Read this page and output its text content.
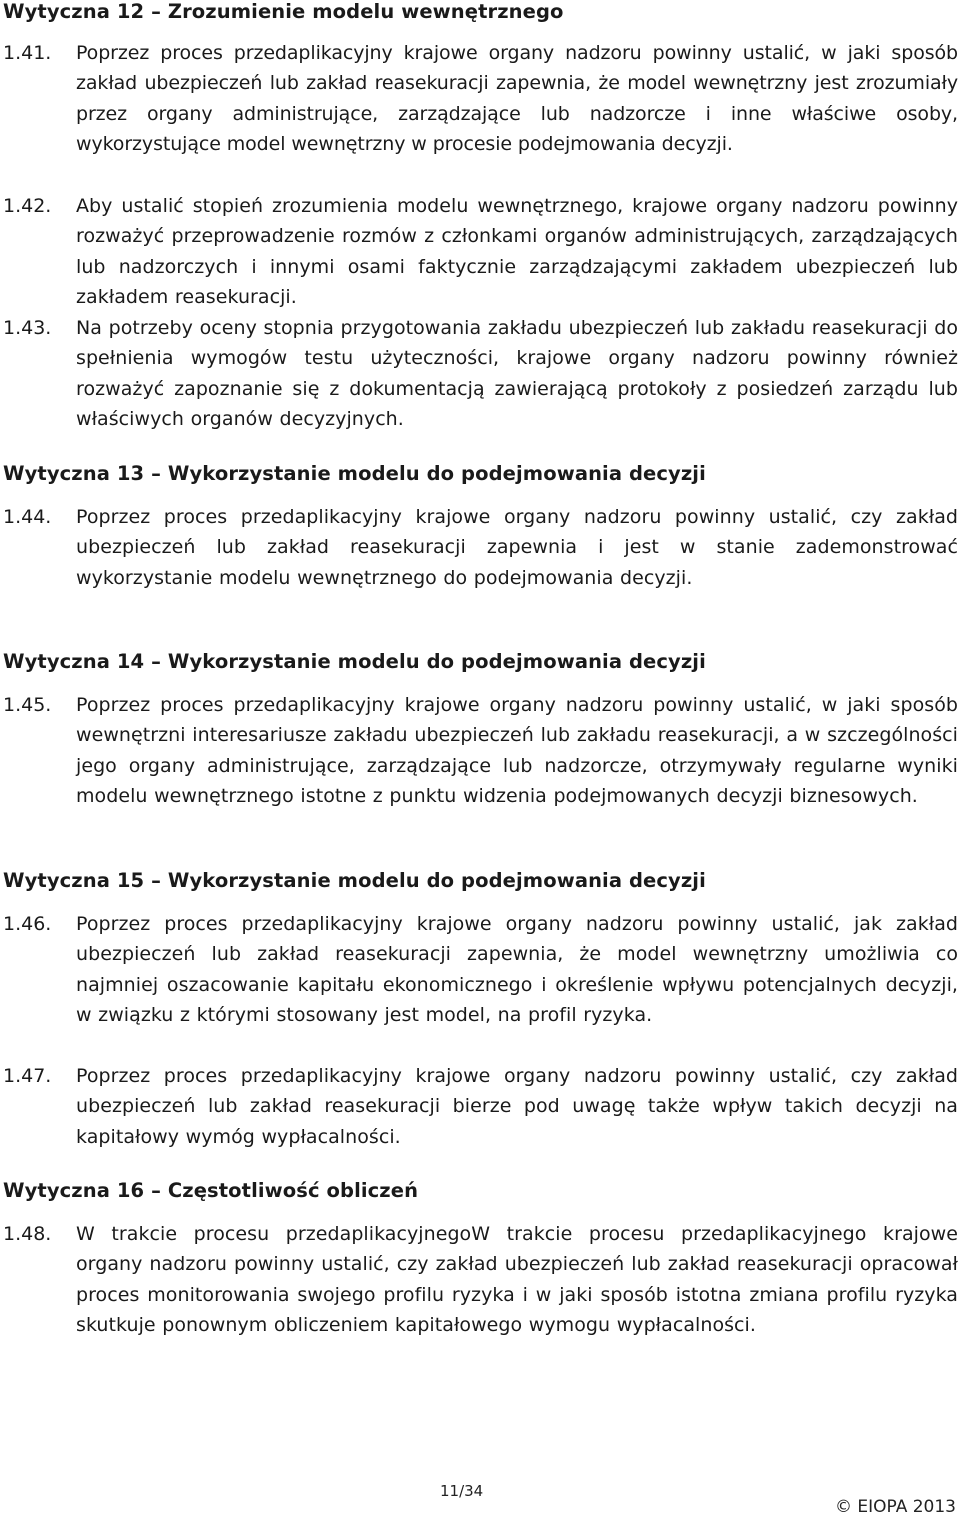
Wytyczna 12 – Zrozumienie modelu wewnętrznego
1.41. Poprzez proces przedaplikacyjny krajowe organy nadzoru powinny ustalić, w jaki sposób zakład ubezpieczeń lub zakład reasekuracji zapewnia, że model wewnętrzny jest zrozumiały przez organy administrujące, zarządzające lub nadzorcze i inne właściwe osoby, wykorzystujące model wewnętrzny w procesie podejmowania decyzji.
1.42. Aby ustalić stopień zrozumienia modelu wewnętrznego, krajowe organy nadzoru powinny rozważyć przeprowadzenie rozmów z członkami organów administrujących, zarządzających lub nadzorczych i innymi osami faktycznie zarządzającymi zakładem ubezpieczeń lub zakładem reasekuracji.
1.43. Na potrzeby oceny stopnia przygotowania zakładu ubezpieczeń lub zakładu reasekuracji do spełnienia wymogów testu użyteczności, krajowe organy nadzoru powinny również rozważyć zapoznanie się z dokumentacją zawierającą protokoły z posiedzeń zarządu lub właściwych organów decyzyjnych.
Wytyczna 13 – Wykorzystanie modelu do podejmowania decyzji
1.44. Poprzez proces przedaplikacyjny krajowe organy nadzoru powinny ustalić, czy zakład ubezpieczeń lub zakład reasekuracji zapewnia i jest w stanie zademonstrować wykorzystanie modelu wewnętrznego do podejmowania decyzji.
Wytyczna 14 – Wykorzystanie modelu do podejmowania decyzji
1.45. Poprzez proces przedaplikacyjny krajowe organy nadzoru powinny ustalić, w jaki sposób wewnętrzni interesariusze zakładu ubezpieczeń lub zakładu reasekuracji, a w szczególności jego organy administrujące, zarządzające lub nadzorcze, otrzymywały regularne wyniki modelu wewnętrznego istotne z punktu widzenia podejmowanych decyzji biznesowych.
Wytyczna 15 – Wykorzystanie modelu do podejmowania decyzji
1.46. Poprzez proces przedaplikacyjny krajowe organy nadzoru powinny ustalić, jak zakład ubezpieczeń lub zakład reasekuracji zapewnia, że model wewnętrzny umożliwia co najmniej oszacowanie kapitału ekonomicznego i określenie wpływu potencjalnych decyzji, w związku z którymi stosowany jest model, na profil ryzyka.
1.47. Poprzez proces przedaplikacyjny krajowe organy nadzoru powinny ustalić, czy zakład ubezpieczeń lub zakład reasekuracji bierze pod uwagę także wpływ takich decyzji na kapitałowy wymóg wypłacalności.
Wytyczna 16 – Częstotliwość obliczeń
1.48. W trakcie procesu przedaplikacyjnegoW trakcie procesu przedaplikacyjnego krajowe organy nadzoru powinny ustalić, czy zakład ubezpieczeń lub zakład reasekuracji opracował proces monitorowania swojego profilu ryzyka i w jaki sposób istotna zmiana profilu ryzyka skutkuje ponownym obliczeniem kapitałowego wymogu wypłacalności.
11/34
© EIOPA 2013
